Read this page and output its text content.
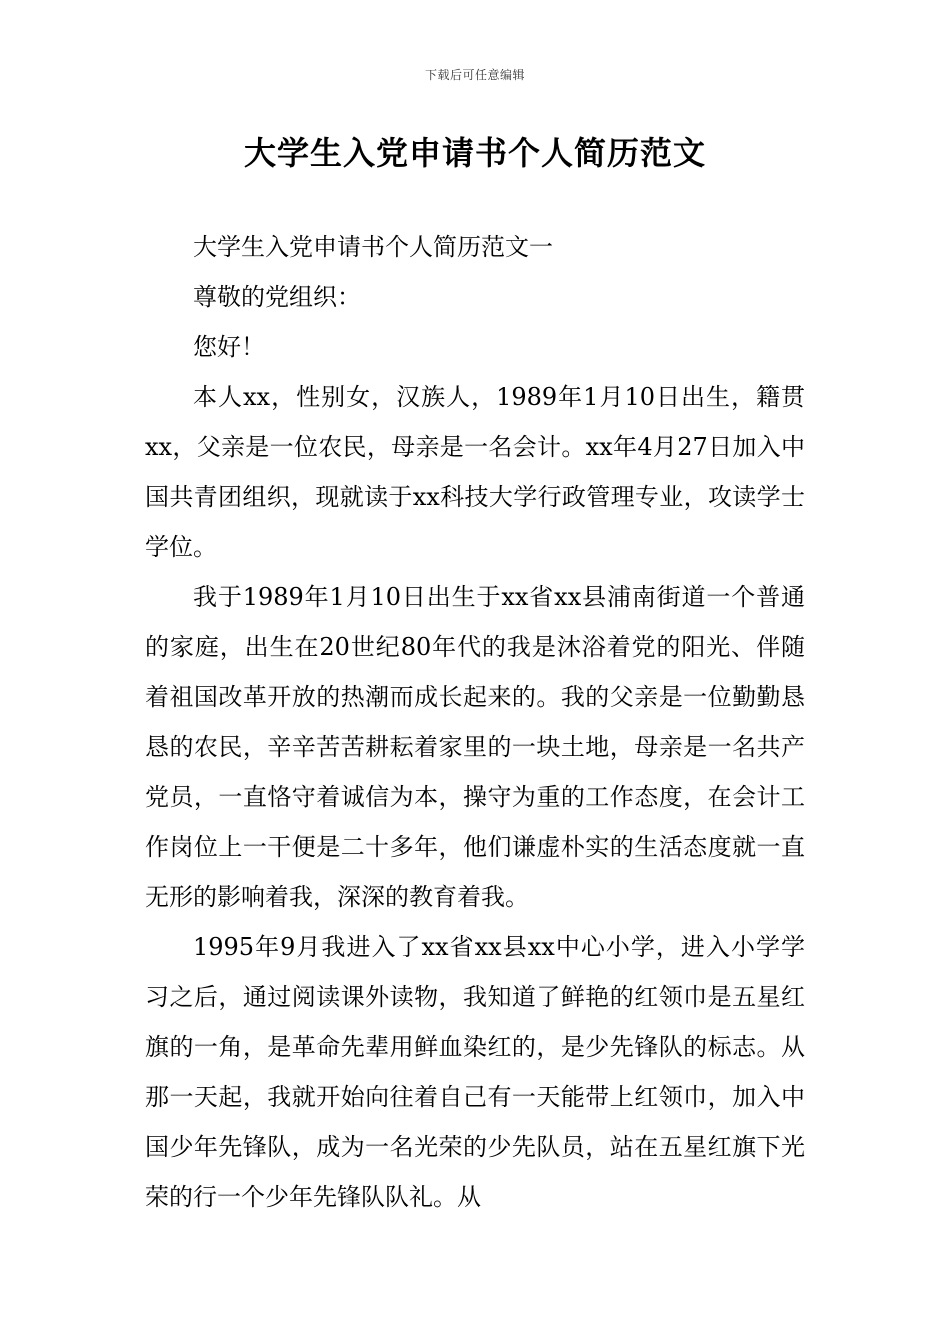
下载后可任意编辑
大学生入党申请书个人简历范文

大学生入党申请书个人简历范文一

尊敬的党组织：

您好！

本人xx，性别女，汉族人，1989年1月10日出生，籍贯xx，父亲是一位农民，母亲是一名会计。xx年4月27日加入中国共青团组织，现就读于xx科技大学行政管理专业，攻读学士学位。

我于1989年1月10日出生于xx省xx县浦南街道一个普通的家庭，出生在20世纪80年代的我是沐浴着党的阳光、伴随着祖国改革开放的热潮而成长起来的。我的父亲是一位勤勤恳恳的农民，辛辛苦苦耕耘着家里的一块土地，母亲是一名共产党员，一直恪守着诚信为本，操守为重的工作态度，在会计工作岗位上一干便是二十多年，他们谦虚朴实的生活态度就一直无形的影响着我，深深的教育着我。

1995年9月我进入了xx省xx县xx中心小学，进入小学学习之后，通过阅读课外读物，我知道了鲜艳的红领巾是五星红旗的一角，是革命先辈用鲜血染红的，是少先锋队的标志。从那一天起，我就开始向往着自己有一天能带上红领巾，加入中国少年先锋队，成为一名光荣的少先队员，站在五星红旗下光荣的行一个少年先锋队队礼。从
